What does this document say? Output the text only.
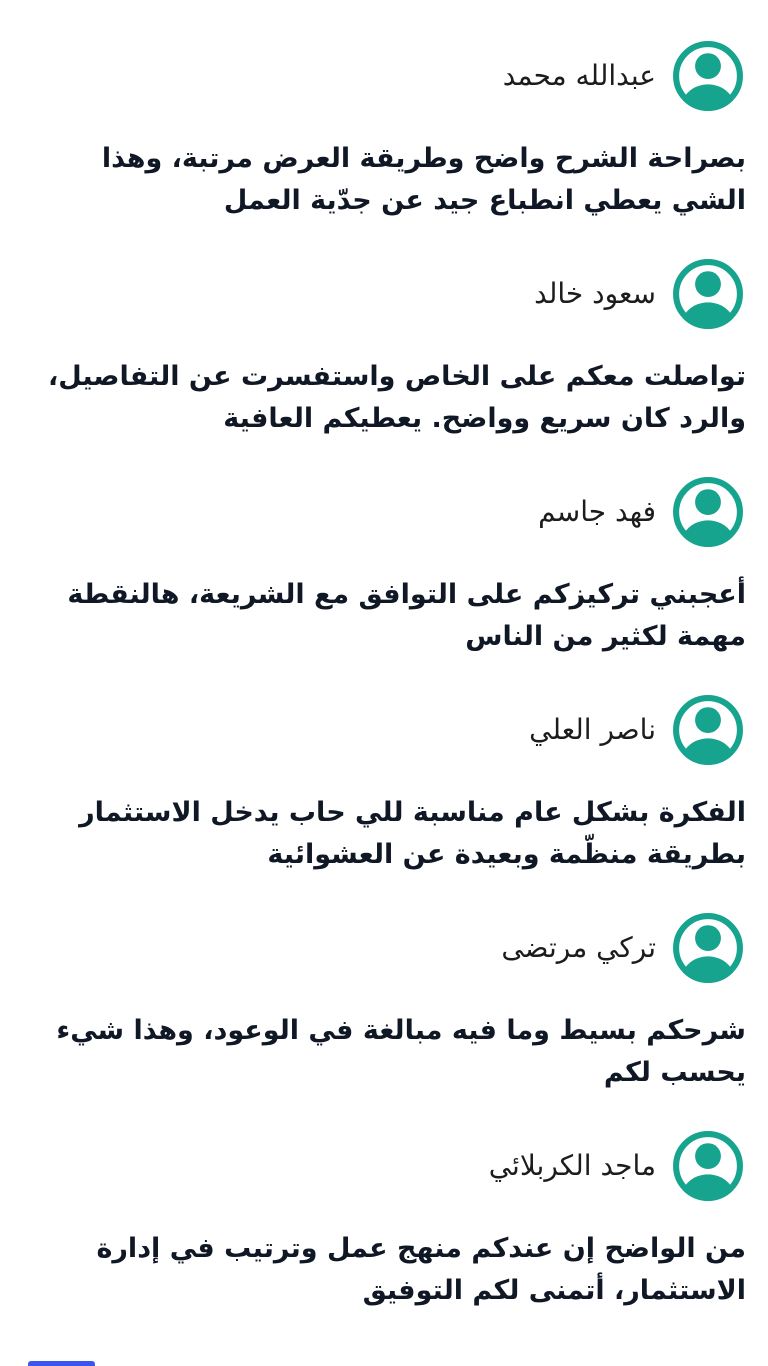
عبدالله محمد
بصراحة الشرح واضح وطريقة العرض مرتبة، وهذا الشي يعطي انطباع جيد عن جدّية العمل
سعود خالد
تواصلت معكم على الخاص واستفسرت عن التفاصيل، والرد كان سريع وواضح. يعطيكم العافية
فهد جاسم
أعجبني تركيزكم على التوافق مع الشريعة، هالنقطة مهمة لكثير من الناس
ناصر العلي
الفكرة بشكل عام مناسبة للي حاب يدخل الاستثمار بطريقة منظّمة وبعيدة عن العشوائية
تركي مرتضى
شرحكم بسيط وما فيه مبالغة في الوعود، وهذا شيء يحسب لكم
ماجد الكربلائي
من الواضح إن عندكم منهج عمل وترتيب في إدارة الاستثمار، أتمنى لكم التوفيق
